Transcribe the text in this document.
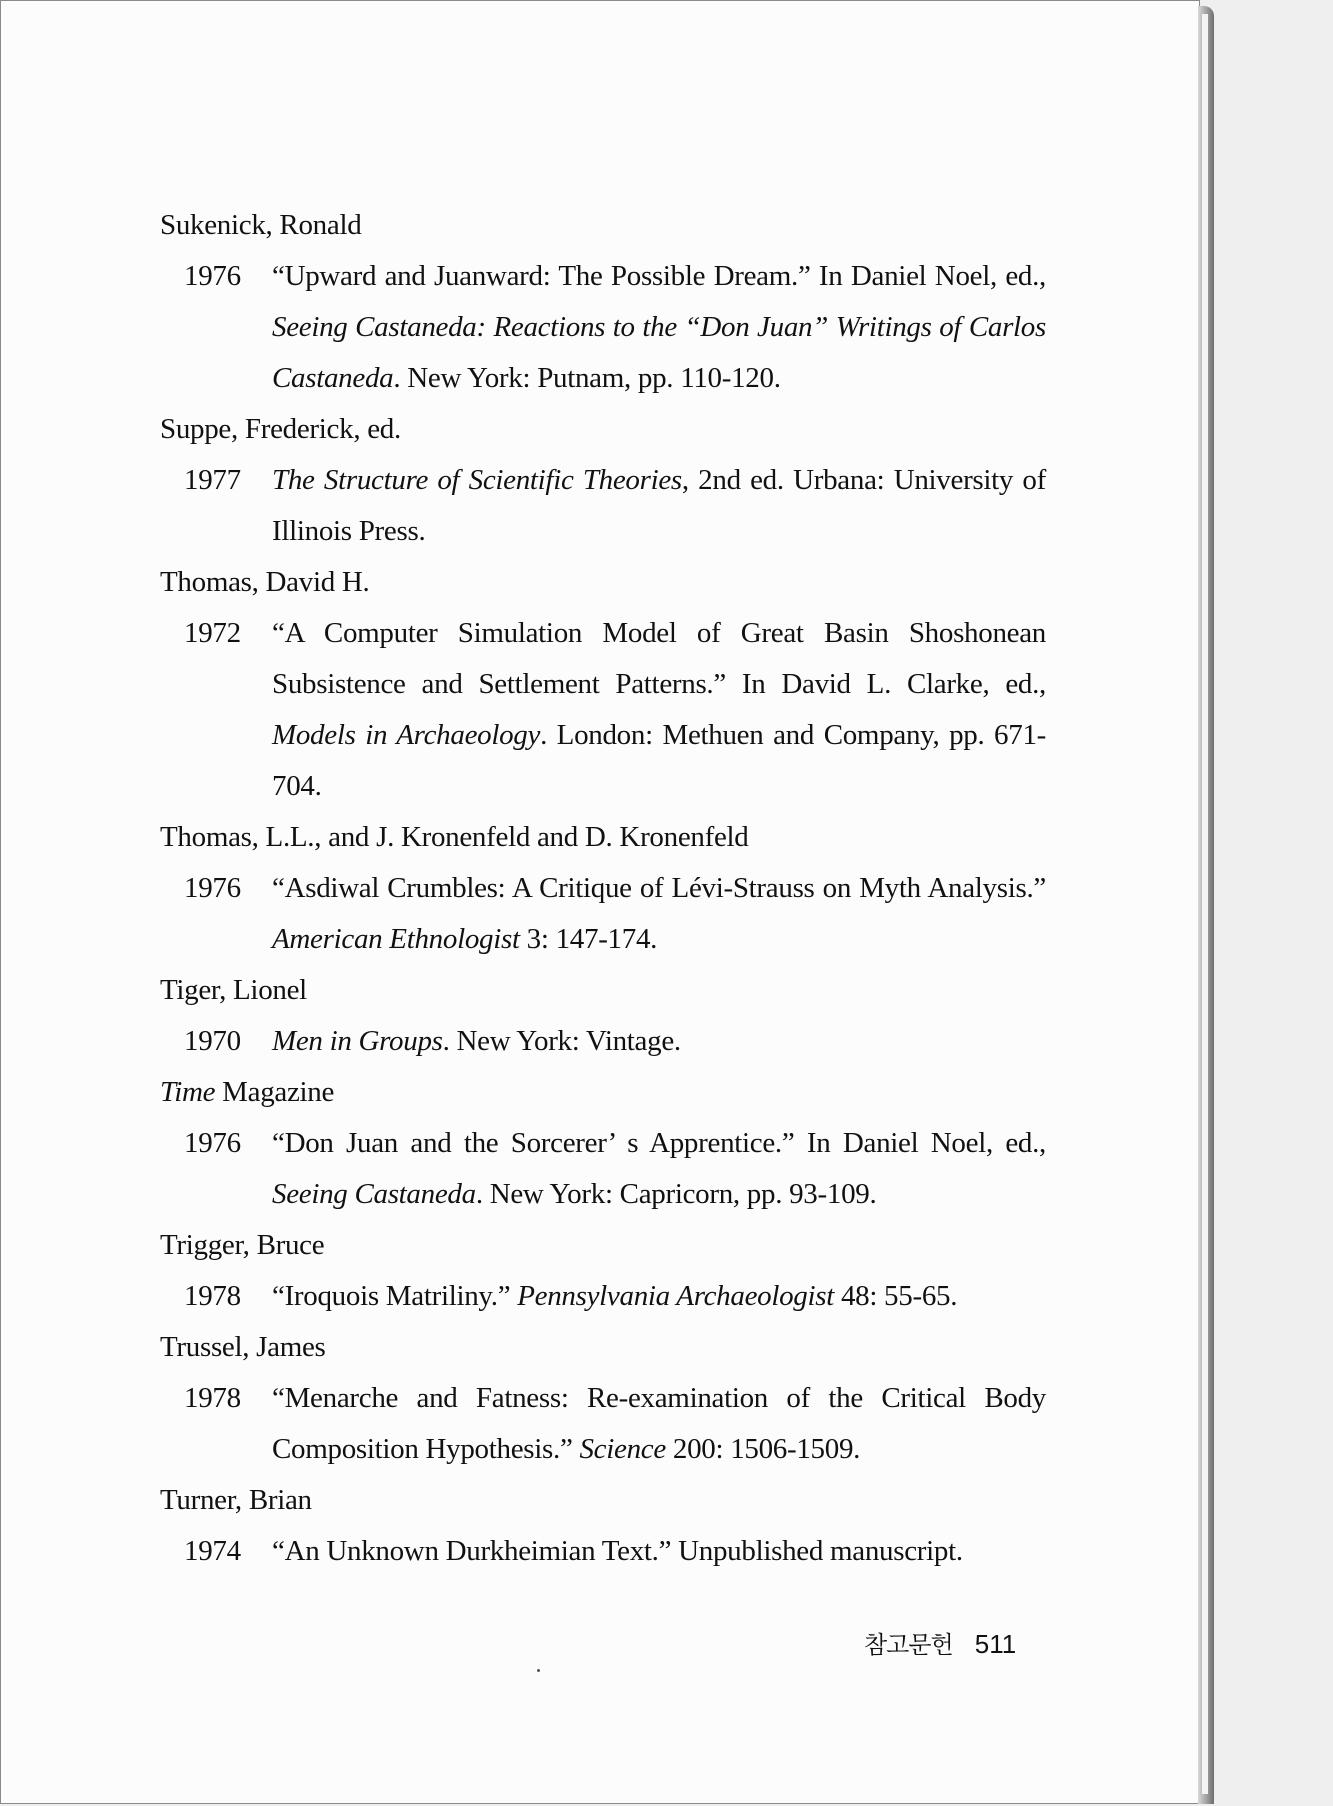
Sukenick, Ronald
1976	“Upward and Juanward: The Possible Dream.” In Daniel Noel, ed., Seeing Castaneda: Reactions to the “Don Juan” Writings of Carlos Castaneda. New York: Putnam, pp. 110-120.
Suppe, Frederick, ed.
1977	The Structure of Scientific Theories, 2nd ed. Urbana: University of Illinois Press.
Thomas, David H.
1972	“A Computer Simulation Model of Great Basin Shoshonean Subsistence and Settlement Patterns.” In David L. Clarke, ed., Models in Archaeology. London: Methuen and Company, pp. 671-704.
Thomas, L.L., and J. Kronenfeld and D. Kronenfeld
1976	“Asdiwal Crumbles: A Critique of Lévi-Strauss on Myth Analysis.” American Ethnologist 3: 147-174.
Tiger, Lionel
1970	Men in Groups. New York: Vintage.
Time Magazine
1976	“Don Juan and the Sorcerer’ s Apprentice.” In Daniel Noel, ed., Seeing Castaneda. New York: Capricorn, pp. 93-109.
Trigger, Bruce
1978	“Iroquois Matriliny.” Pennsylvania Archaeologist 48: 55-65.
Trussel, James
1978	“Menarche and Fatness: Re-examination of the Critical Body Composition Hypothesis.” Science 200: 1506-1509.
Turner, Brian
1974	“An Unknown Durkheimian Text.” Unpublished manuscript.
참고문헌 511
